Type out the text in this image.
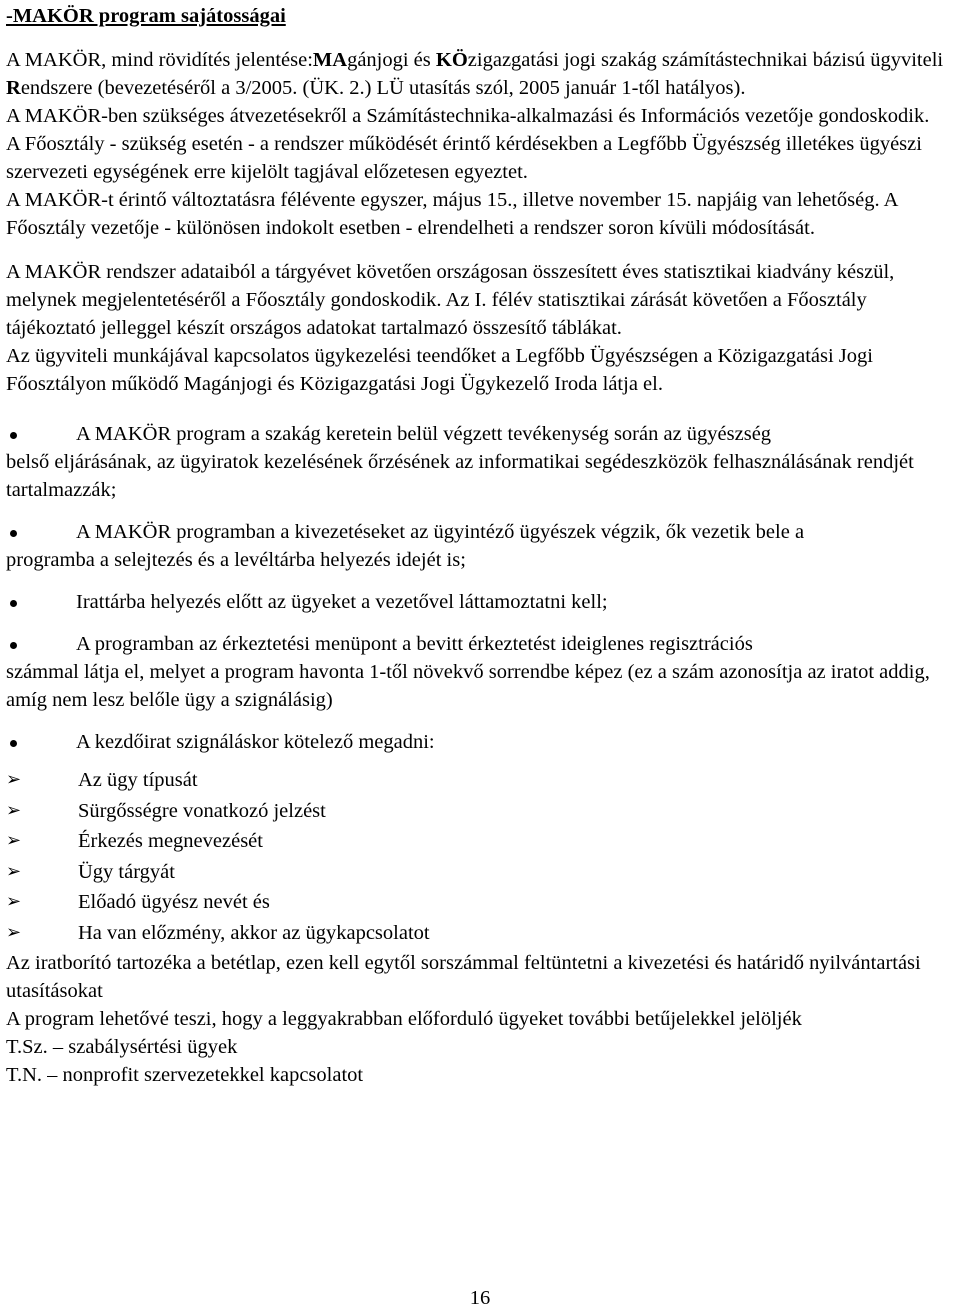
-MAKÖR program sajátosságai

A MAKÖR, mind rövidítés jelentése:MAgánjogi és KÖzigazgatási jogi szakág számítástechnikai bázisú ügyviteli Rendszere (bevezetéséről a 3/2005. (ÜK. 2.) LÜ utasítás szól, 2005 január 1-től hatályos).

A MAKÖR-ben szükséges átvezetésekről a Számítástechnika-alkalmazási és Információs vezetője gondoskodik.

A Főosztály - szükség esetén - a rendszer működését érintő kérdésekben a Legfőbb Ügyészség illetékes ügyészi szervezeti egységének erre kijelölt tagjával előzetesen egyeztet.

A MAKÖR-t érintő változtatásra félévente egyszer, május 15., illetve november 15. napjáig van lehetőség. A Főosztály vezetője - különösen indokolt esetben - elrendelheti a rendszer soron kívüli módosítását.

A MAKÖR rendszer adataiból a tárgyévet követően országosan összesített éves statisztikai kiadvány készül, melynek megjelentetéséről a Főosztály gondoskodik. Az I. félév statisztikai zárását követően a Főosztály tájékoztató jelleggel készít országos adatokat tartalmazó összesítő táblákat.

Az ügyviteli munkájával kapcsolatos ügykezelési teendőket a Legfőbb Ügyészségen a Közigazgatási Jogi Főosztályon működő Magánjogi és Közigazgatási Jogi Ügykezelő Iroda látja el.

A MAKÖR program a szakág keretein belül végzett tevékenység során az ügyészség
belső eljárásának, az ügyiratok kezelésének őrzésének az informatikai segédeszközök felhasználásának rendjét tartalmazzák;
A MAKÖR programban a kivezetéseket az ügyintéző ügyészek végzik, ők vezetik bele a
programba a selejtezés és a levéltárba helyezés idejét is;
Irattárba helyezés előtt az ügyeket a vezetővel láttamoztatni kell;
A programban az érkeztetési menüpont a bevitt érkeztetést ideiglenes regisztrációs
számmal látja el, melyet a program havonta 1-től növekvő sorrendbe képez (ez a szám azonosítja az iratot addig, amíg nem lesz belőle ügy a szignálásig)
A kezdőirat szignáláskor kötelező megadni:
➢	Az ügy típusát
➢	Sürgősségre vonatkozó jelzést
➢	Érkezés megnevezését
➢	Ügy tárgyát
➢	Előadó ügyész nevét és
➢	Ha van előzmény, akkor az ügykapcsolatot

Az iratborító tartozéka a betétlap, ezen kell egytől sorszámmal feltüntetni a kivezetési és határidő nyilvántartási utasításokat

A program lehetővé teszi, hogy a leggyakrabban előforduló ügyeket további betűjelekkel jelöljék

T.Sz. – szabálysértési ügyek

T.N. – nonprofit szervezetekkel kapcsolatot

16
